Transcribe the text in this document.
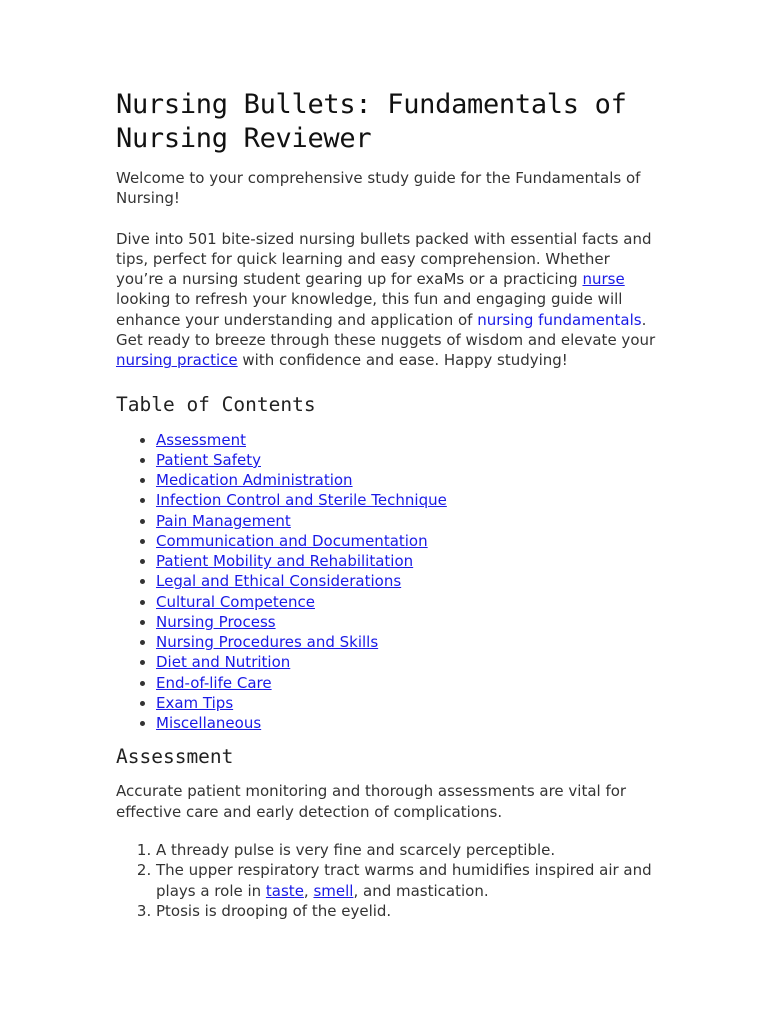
Nursing Bullets: Fundamentals of Nursing Reviewer

Welcome to your comprehensive study guide for the Fundamentals of Nursing!

Dive into 501 bite-sized nursing bullets packed with essential facts and tips, perfect for quick learning and easy comprehension. Whether you’re a nursing student gearing up for exaMs or a practicing nurse looking to refresh your knowledge, this fun and engaging guide will enhance your understanding and application of nursing fundamentals. Get ready to breeze through these nuggets of wisdom and elevate your nursing practice with confidence and ease. Happy studying!

Table of Contents
• Assessment
• Patient Safety
• Medication Administration
• Infection Control and Sterile Technique
• Pain Management
• Communication and Documentation
• Patient Mobility and Rehabilitation
• Legal and Ethical Considerations
• Cultural Competence
• Nursing Process
• Nursing Procedures and Skills
• Diet and Nutrition
• End-of-life Care
• Exam Tips
• Miscellaneous
Assessment

Accurate patient monitoring and thorough assessments are vital for effective care and early detection of complications.

1. A thready pulse is very fine and scarcely perceptible.
2. The upper respiratory tract warms and humidifies inspired air and plays a role in taste, smell, and mastication.
3. Ptosis is drooping of the eyelid.
